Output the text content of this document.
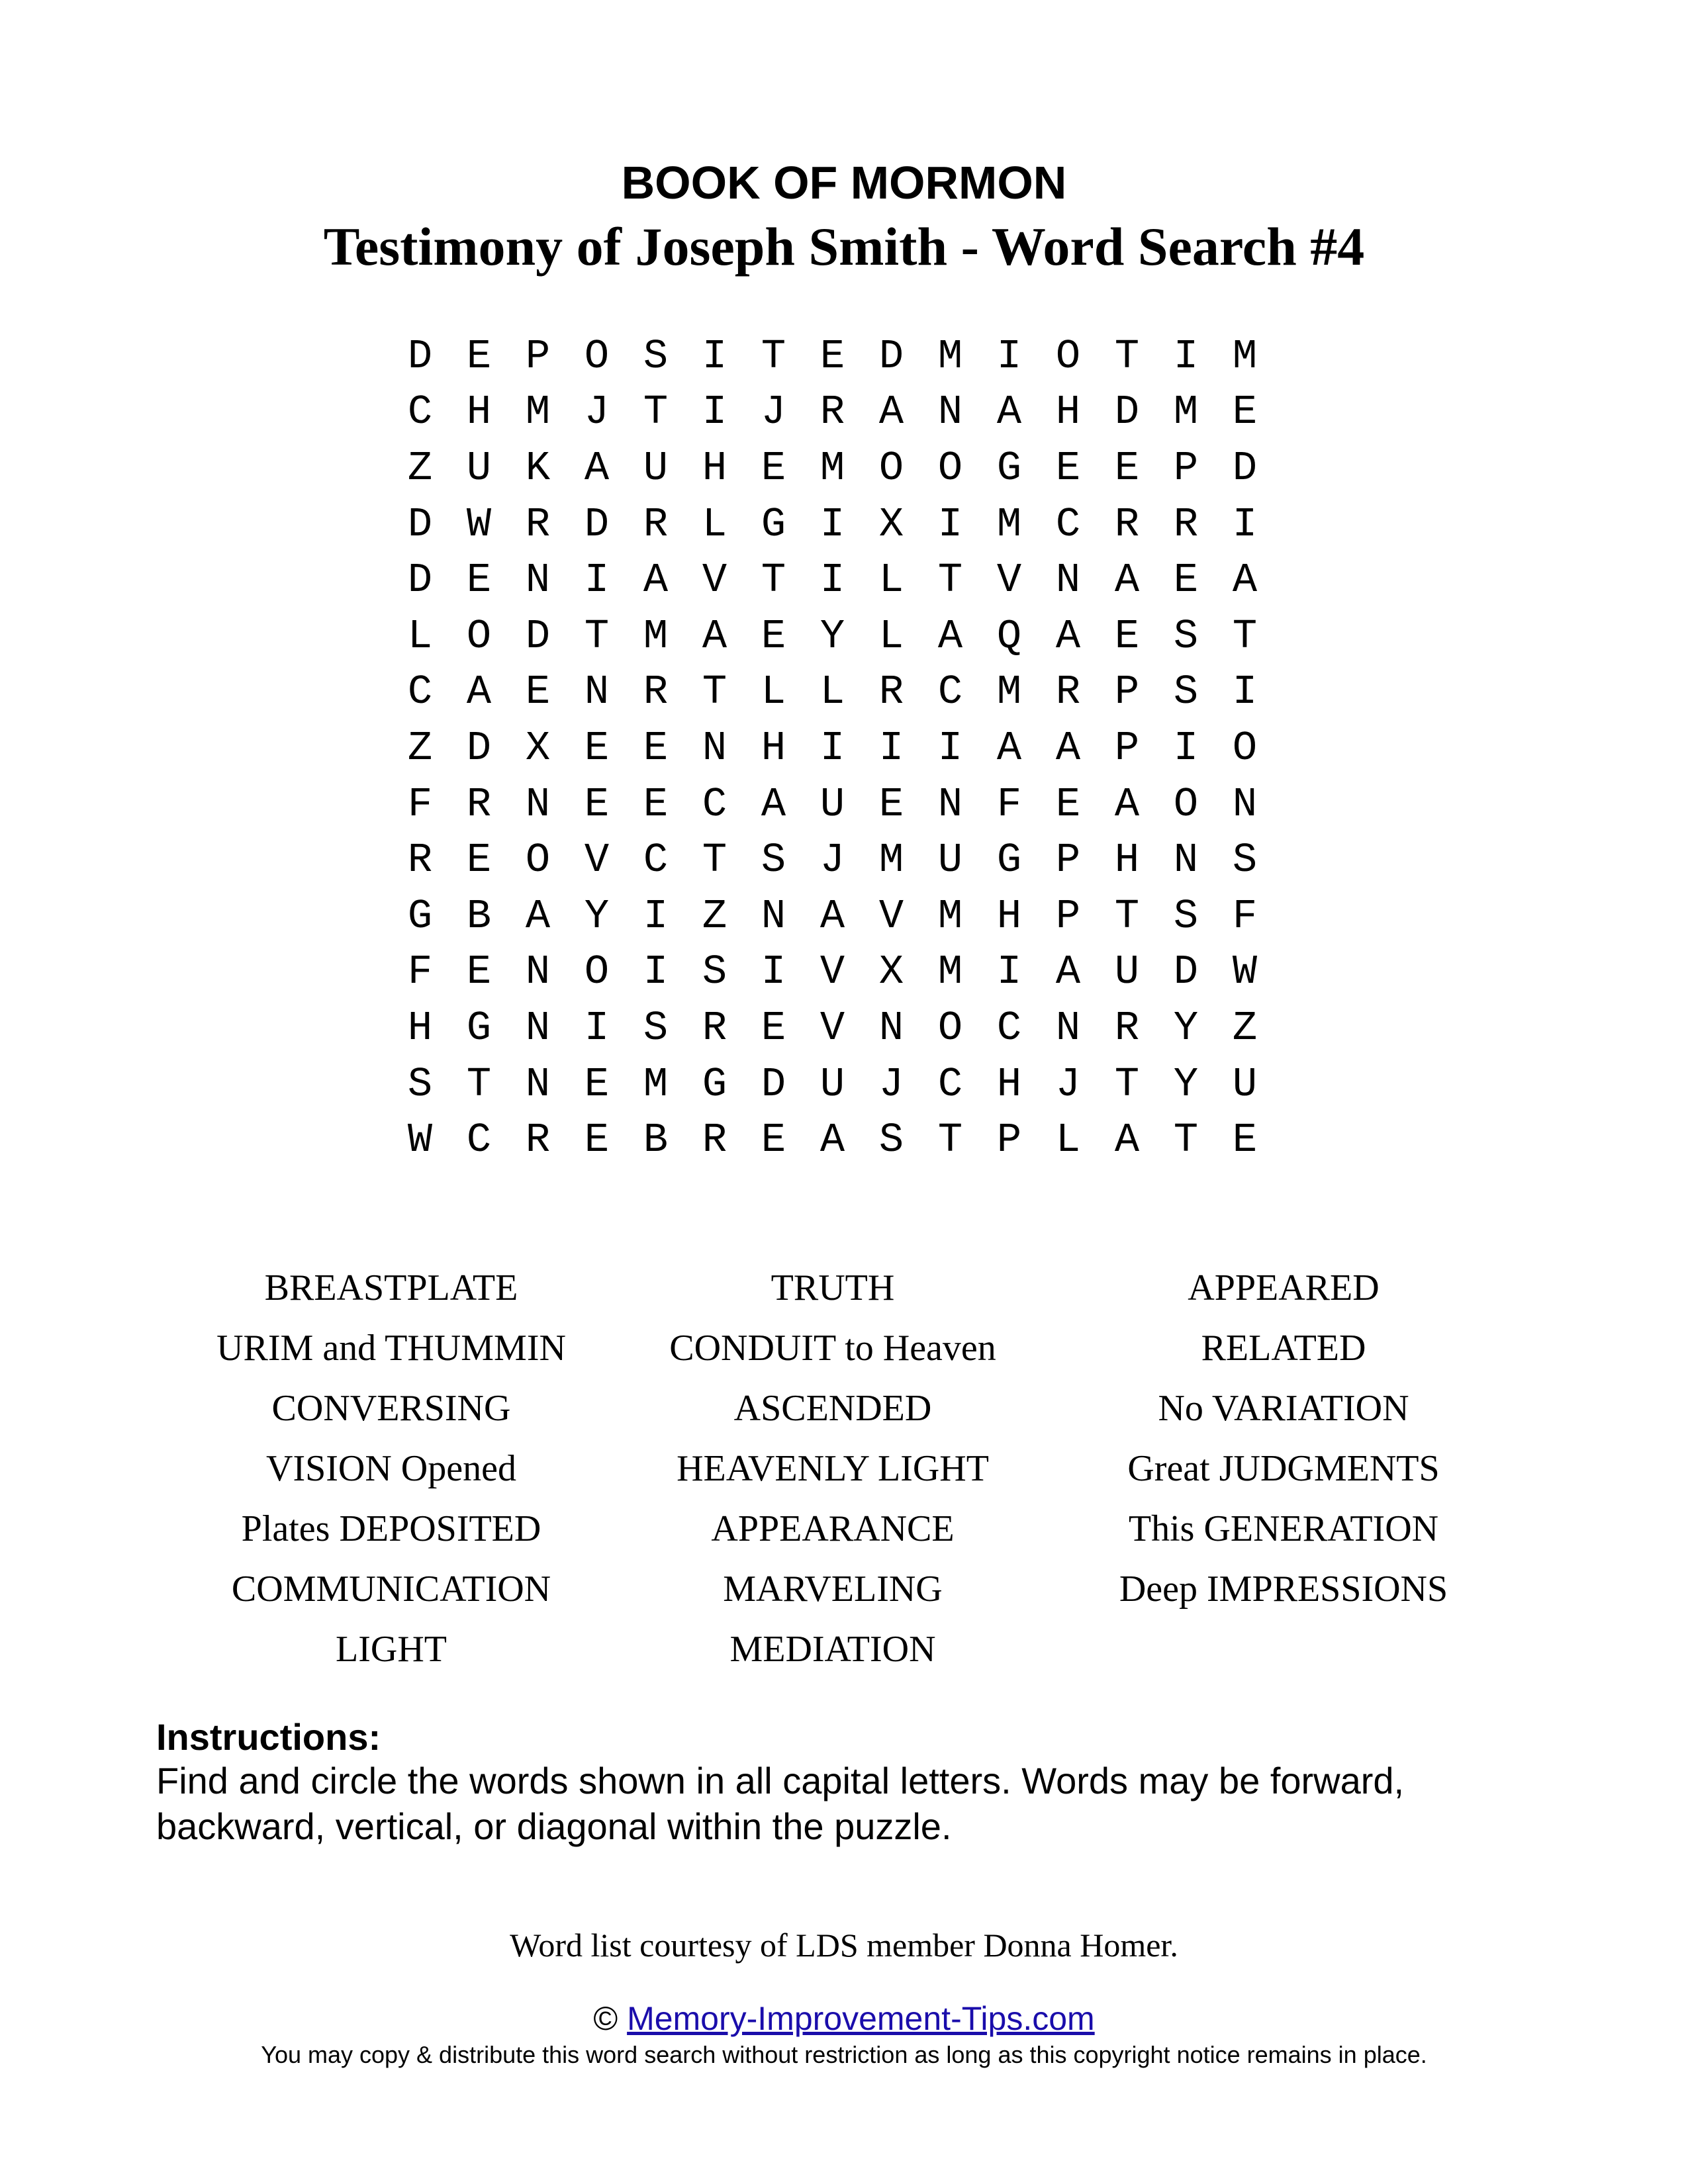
BOOK OF MORMON
Testimony of Joseph Smith - Word Search #4
D E P O S I T E D M I O T I M
C H M J T I J R A N A H D M E
Z U K A U H E M O O G E E P D
D W R D R L G I X I M C R R I
D E N I A V T I L T V N A E A
L O D T M A E Y L A Q A E S T
C A E N R T L L R C M R P S I
Z D X E E N H I I I A A P I O
F R N E E C A U E N F E A O N
R E O V C T S J M U G P H N S
G B A Y I Z N A V M H P T S F
F E N O I S I V X M I A U D W
H G N I S R E V N O C N R Y Z
S T N E M G D U J C H J T Y U
W C R E B R E A S T P L A T E
BREASTPLATE
URIM and THUMMIN
CONVERSING
VISION Opened
Plates DEPOSITED
COMMUNICATION
LIGHT
TRUTH
CONDUIT to Heaven
ASCENDED
HEAVENLY LIGHT
APPEARANCE
MARVELING
MEDIATION
APPEARED
RELATED
No VARIATION
Great JUDGMENTS
This GENERATION
Deep IMPRESSIONS
Instructions:
Find and circle the words shown in all capital letters. Words may be forward, backward, vertical, or diagonal within the puzzle.
Word list courtesy of LDS member Donna Homer.
© Memory-Improvement-Tips.com
You may copy & distribute this word search without restriction as long as this copyright notice remains in place.
